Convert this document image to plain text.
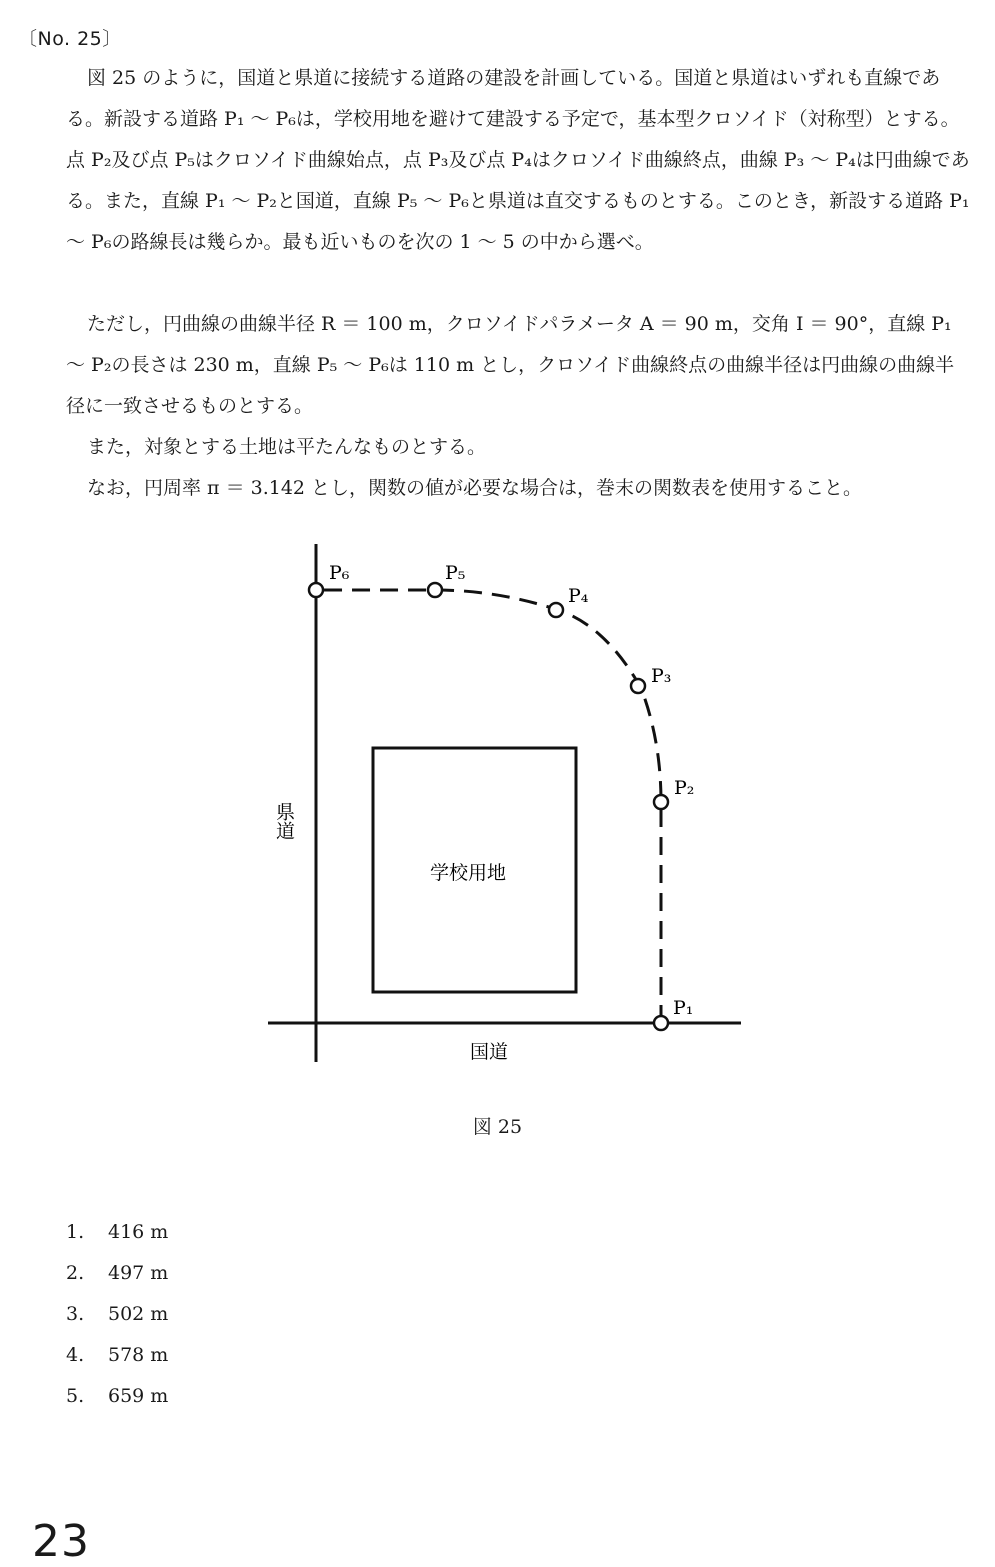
〔No. 25〕

図 25 のように，国道と県道に接続する道路の建設を計画している。国道と県道はいずれも直線である。新設する道路 P₁ ～ P₆は，学校用地を避けて建設する予定で，基本型クロソイド（対称型）とする。点 P₂及び点 P₅はクロソイド曲線始点，点 P₃及び点 P₄はクロソイド曲線終点，曲線 P₃ ～ P₄は円曲線である。また，直線 P₁ ～ P₂と国道，直線 P₅ ～ P₆と県道は直交するものとする。このとき，新設する道路 P₁ ～ P₆の路線長は幾らか。最も近いものを次の 1 ～ 5 の中から選べ。

ただし，円曲線の曲線半径 R ＝ 100 m，クロソイドパラメータ A ＝ 90 m，交角 I ＝ 90°，直線 P₁ ～ P₂の長さは 230 m，直線 P₅ ～ P₆は 110 m とし，クロソイド曲線終点の曲線半径は円曲線の曲線半径に一致させるものとする。

また，対象とする土地は平たんなものとする。

なお，円周率 π ＝ 3.142 とし，関数の値が必要な場合は，巻末の関数表を使用すること。

P₁
P₂
P₃
P₄
P₅
P₆
県道
国道
学校用地
図 25
1. 416 m
2. 497 m
3. 502 m
4. 578 m
5. 659 m
23
